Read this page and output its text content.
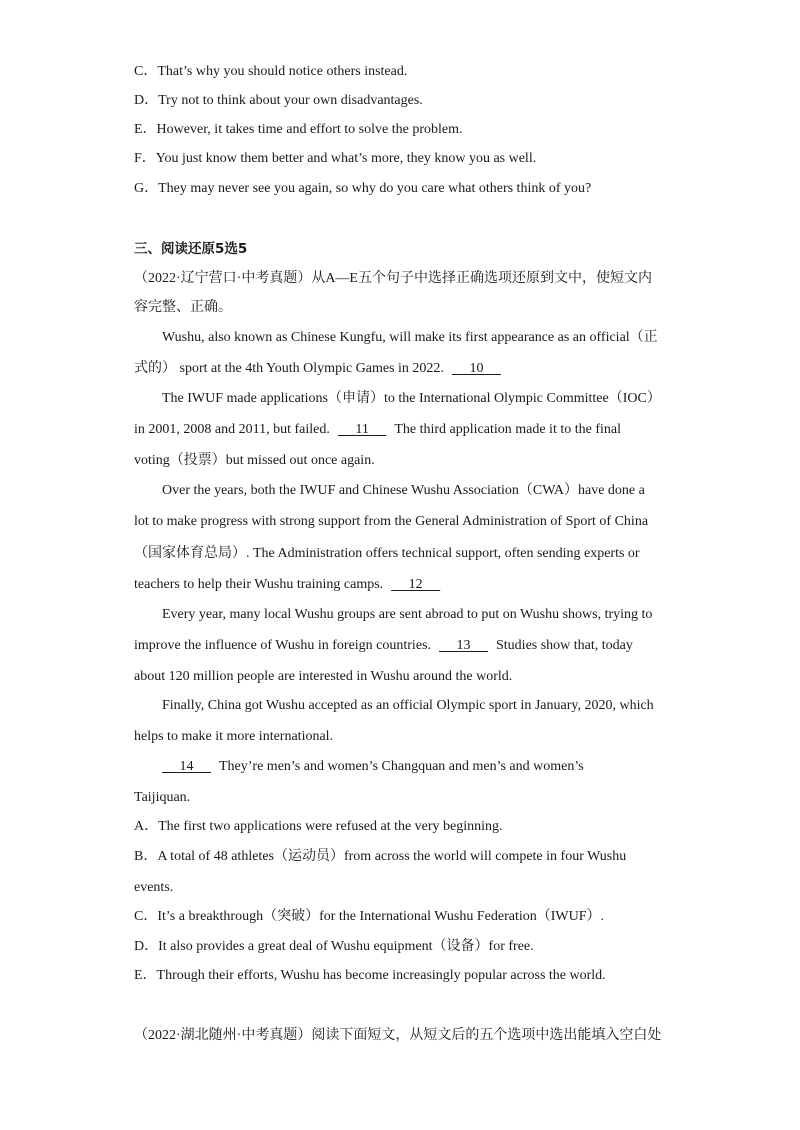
C．That’s why you should notice others instead.
D．Try not to think about your own disadvantages.
E．However, it takes time and effort to solve the problem.
F．You just know them better and what’s more, they know you as well.
G．They may never see you again, so why do you care what others think of you?
三、阅读还原5选5
（2022·辽宁营口·中考真题）从A—E五个句子中选择正确选项还原到文中，使短文内
容完整、正确。
Wushu, also known as Chinese Kungfu, will make its first appearance as an official（正
式的） sport at the 4th Youth Olympic Games in 2022. 10
The IWUF made applications（申请）to the International Olympic Committee（IOC）
in 2001, 2008 and 2011, but failed. 11 The third application made it to the final
voting（投票）but missed out once again.
Over the years, both the IWUF and Chinese Wushu Association（CWA）have done a
lot to make progress with strong support from the General Administration of Sport of China
（国家体育总局）. The Administration offers technical support, often sending experts or
teachers to help their Wushu training camps. 12
Every year, many local Wushu groups are sent abroad to put on Wushu shows, trying to
improve the influence of Wushu in foreign countries. 13 Studies show that, today
about 120 million people are interested in Wushu around the world.
Finally, China got Wushu accepted as an official Olympic sport in January, 2020, which
helps to make it more international.
14 They’re men’s and women’s Changquan and men’s and women’s
Taijiquan.
A．The first two applications were refused at the very beginning.
B．A total of 48 athletes（运动员）from across the world will compete in four Wushu
events.
C．It’s a breakthrough（突破）for the International Wushu Federation（IWUF）.
D．It also provides a great deal of Wushu equipment（设备）for free.
E．Through their efforts, Wushu has become increasingly popular across the world.
（2022·湖北随州·中考真题）阅读下面短文，从短文后的五个选项中选出能填入空白处
